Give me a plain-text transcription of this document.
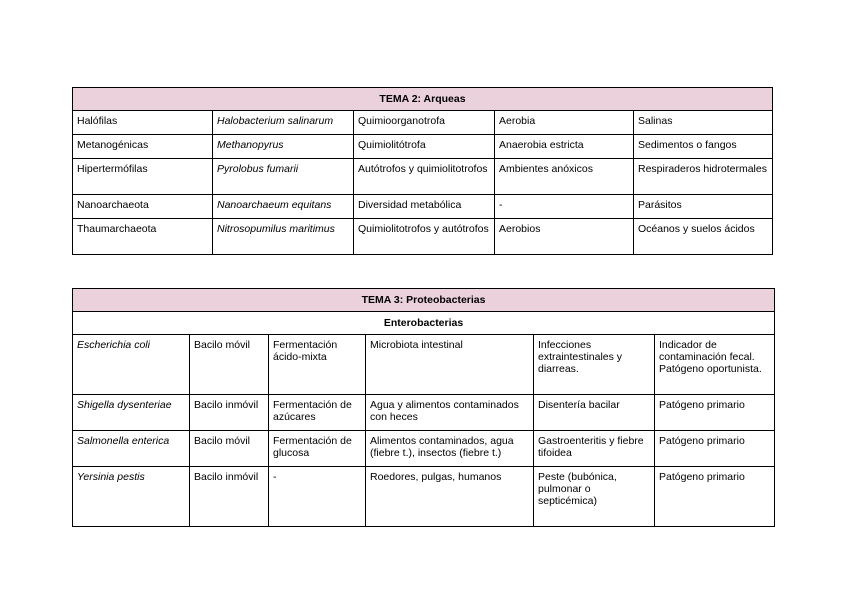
TEMA 2: Arqueas				
Halófilas	Halobacterium salinarum	Quimioorganotrofa	Aerobia	Salinas
Metanogénicas	Methanopyrus	Quimiolitótrofa	Anaerobia estricta	Sedimentos o fangos
Hipertermófilas	Pyrolobus fumarii	Autótrofos y quimiolitotrofos	Ambientes anóxicos	Respiraderos hidrotermales
Nanoarchaeota	Nanoarchaeum equitans	Diversidad metabólica	-	Parásitos
Thaumarchaeota	Nitrosopumilus maritimus	Quimiolitotrofos y autótrofos	Aerobios	Océanos y suelos ácidos
TEMA 3: Proteobacterias					
Enterobacterias					
Escherichia coli	Bacilo móvil	Fermentación ácido-mixta	Microbiota intestinal	Infecciones extraintestinales y diarreas.	Indicador de contaminación fecal. Patógeno oportunista.
Shigella dysenteriae	Bacilo inmóvil	Fermentación de azúcares	Agua y alimentos contaminados con heces	Disentería bacilar	Patógeno primario
Salmonella enterica	Bacilo móvil	Fermentación de glucosa	Alimentos contaminados, agua (fiebre t.), insectos (fiebre t.)	Gastroenteritis y fiebre tifoidea	Patógeno primario
Yersinia pestis	Bacilo inmóvil	-	Roedores, pulgas, humanos	Peste (bubónica, pulmonar o septicémica)	Patógeno primario
